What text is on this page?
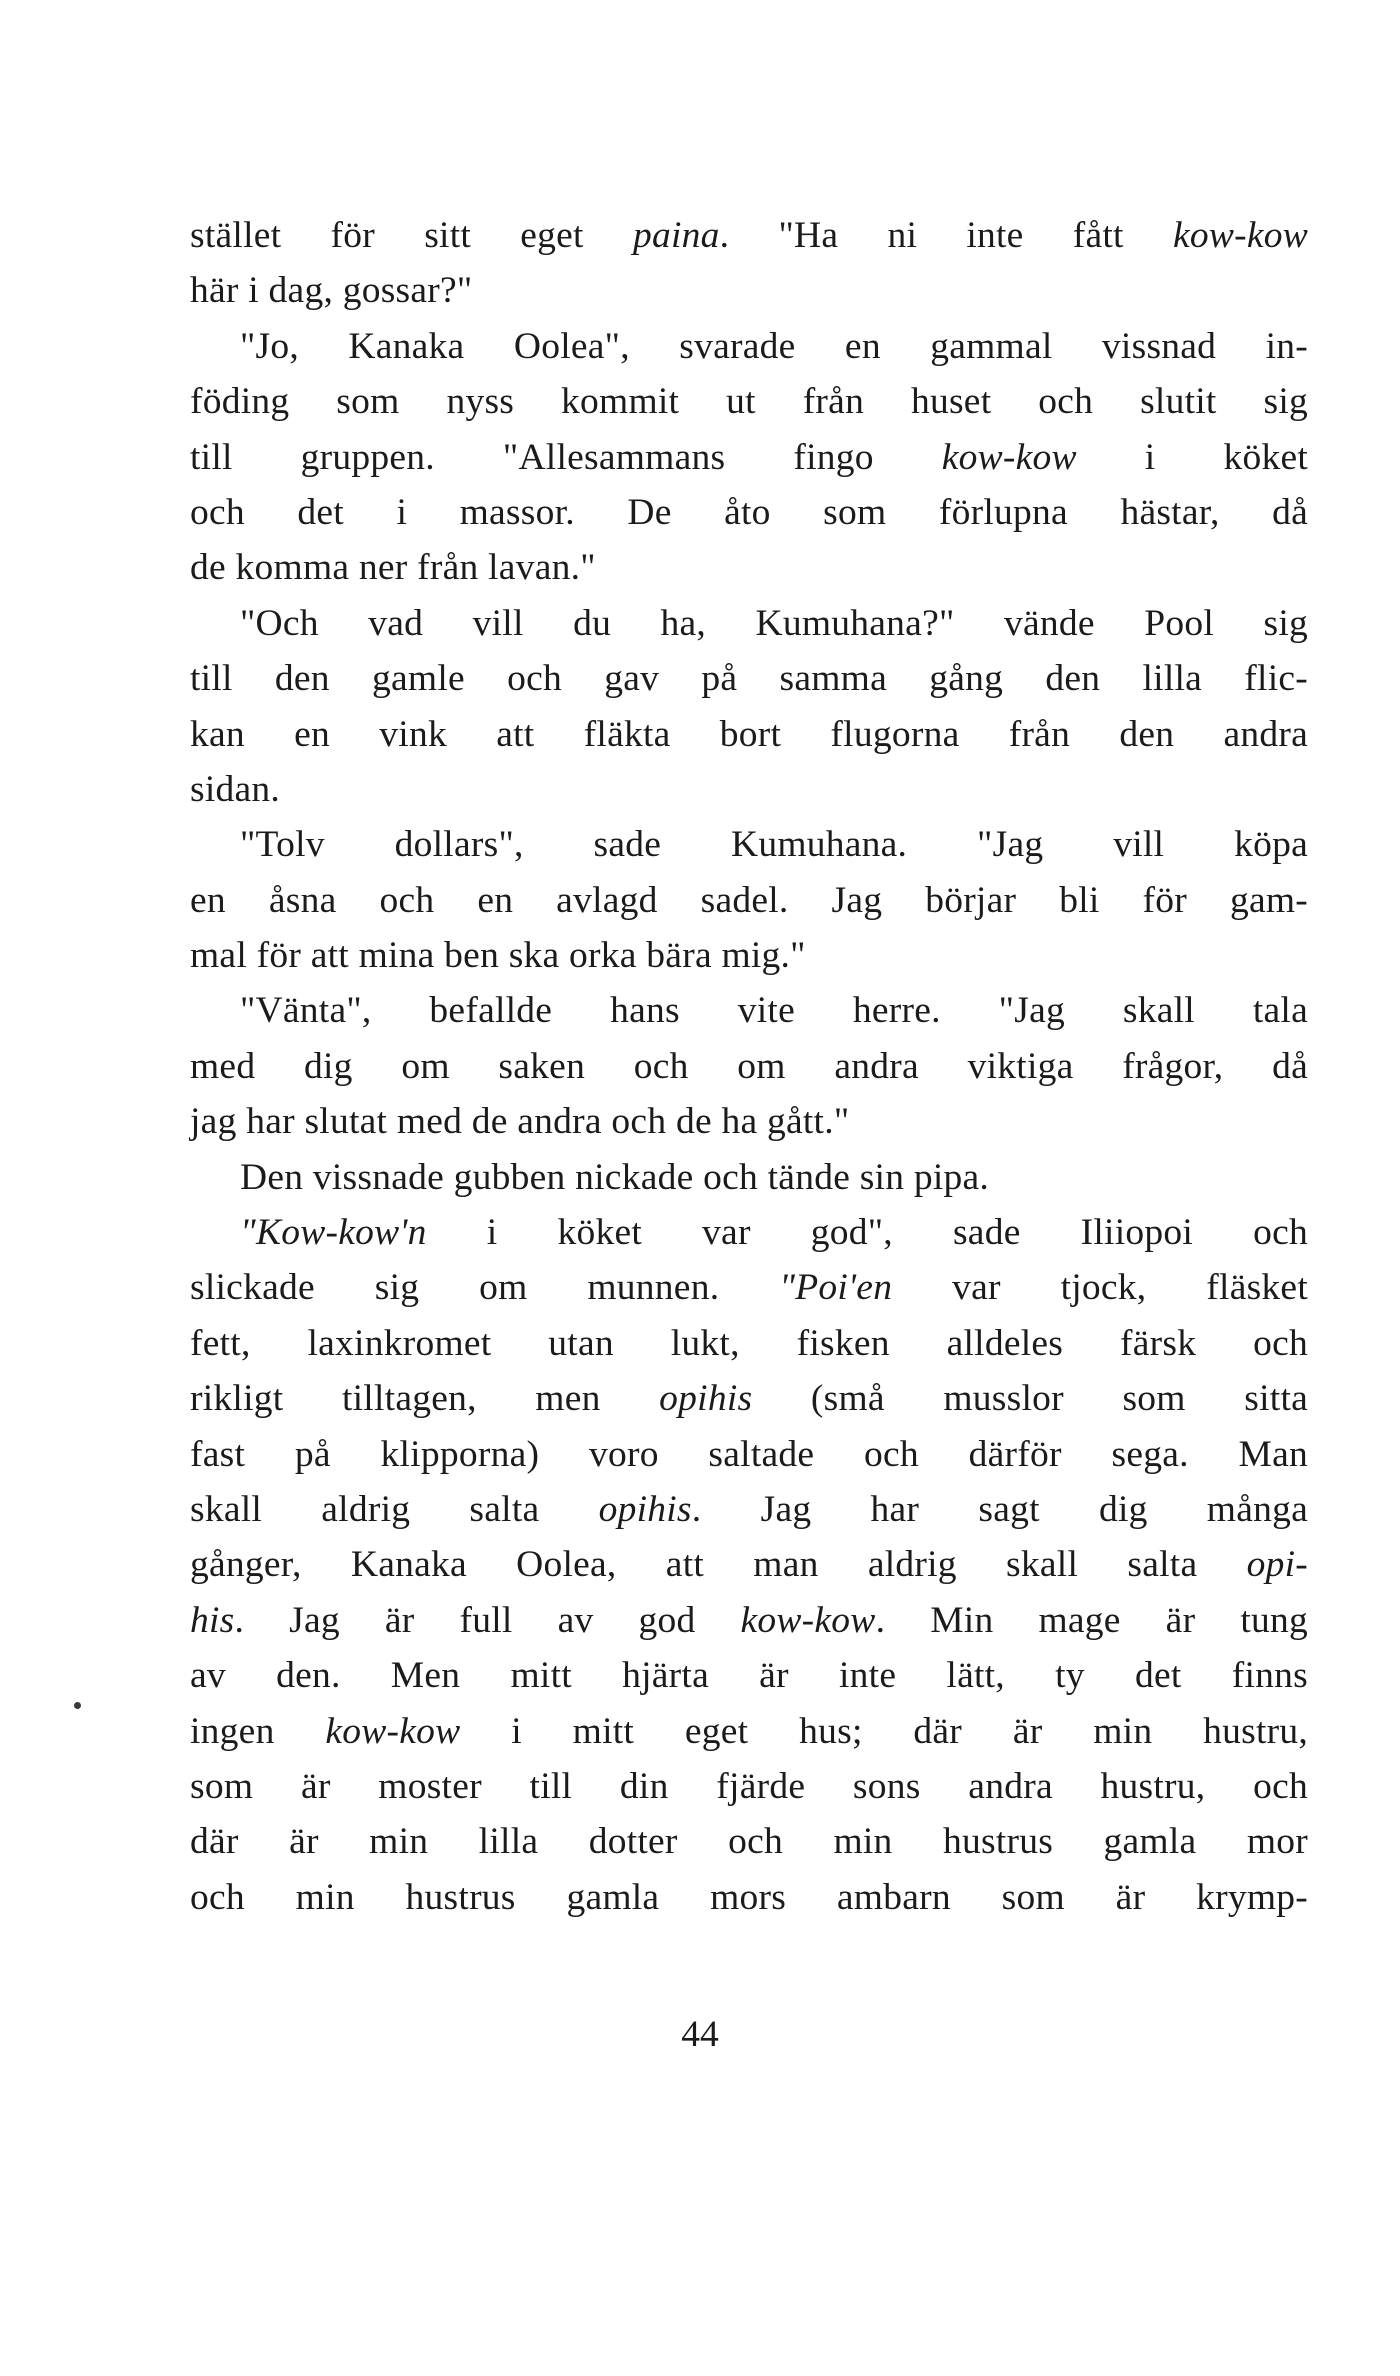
stället för sitt eget paina. "Ha ni inte fått kow-kow
här i dag, gossar?"
"Jo, Kanaka Oolea", svarade en gammal vissnad in-
föding som nyss kommit ut från huset och slutit sig
till gruppen. "Allesammans fingo kow-kow i köket
och det i massor. De åto som förlupna hästar, då
de komma ner från lavan."
"Och vad vill du ha, Kumuhana?" vände Pool sig
till den gamle och gav på samma gång den lilla flic-
kan en vink att fläkta bort flugorna från den andra
sidan.
"Tolv dollars", sade Kumuhana. "Jag vill köpa
en åsna och en avlagd sadel. Jag börjar bli för gam-
mal för att mina ben ska orka bära mig."
"Vänta", befallde hans vite herre. "Jag skall tala
med dig om saken och om andra viktiga frågor, då
jag har slutat med de andra och de ha gått."
Den vissnade gubben nickade och tände sin pipa.
"Kow-kow'n i köket var god", sade Iliiopoi och
slickade sig om munnen. "Poi'en var tjock, fläsket
fett, laxinkromet utan lukt, fisken alldeles färsk och
rikligt tilltagen, men opihis (små musslor som sitta
fast på klipporna) voro saltade och därför sega. Man
skall aldrig salta opihis. Jag har sagt dig många
gånger, Kanaka Oolea, att man aldrig skall salta opi-
his. Jag är full av god kow-kow. Min mage är tung
av den. Men mitt hjärta är inte lätt, ty det finns
ingen kow-kow i mitt eget hus; där är min hustru,
som är moster till din fjärde sons andra hustru, och
där är min lilla dotter och min hustrus gamla mor
och min hustrus gamla mors ambarn som är krymp-
44
